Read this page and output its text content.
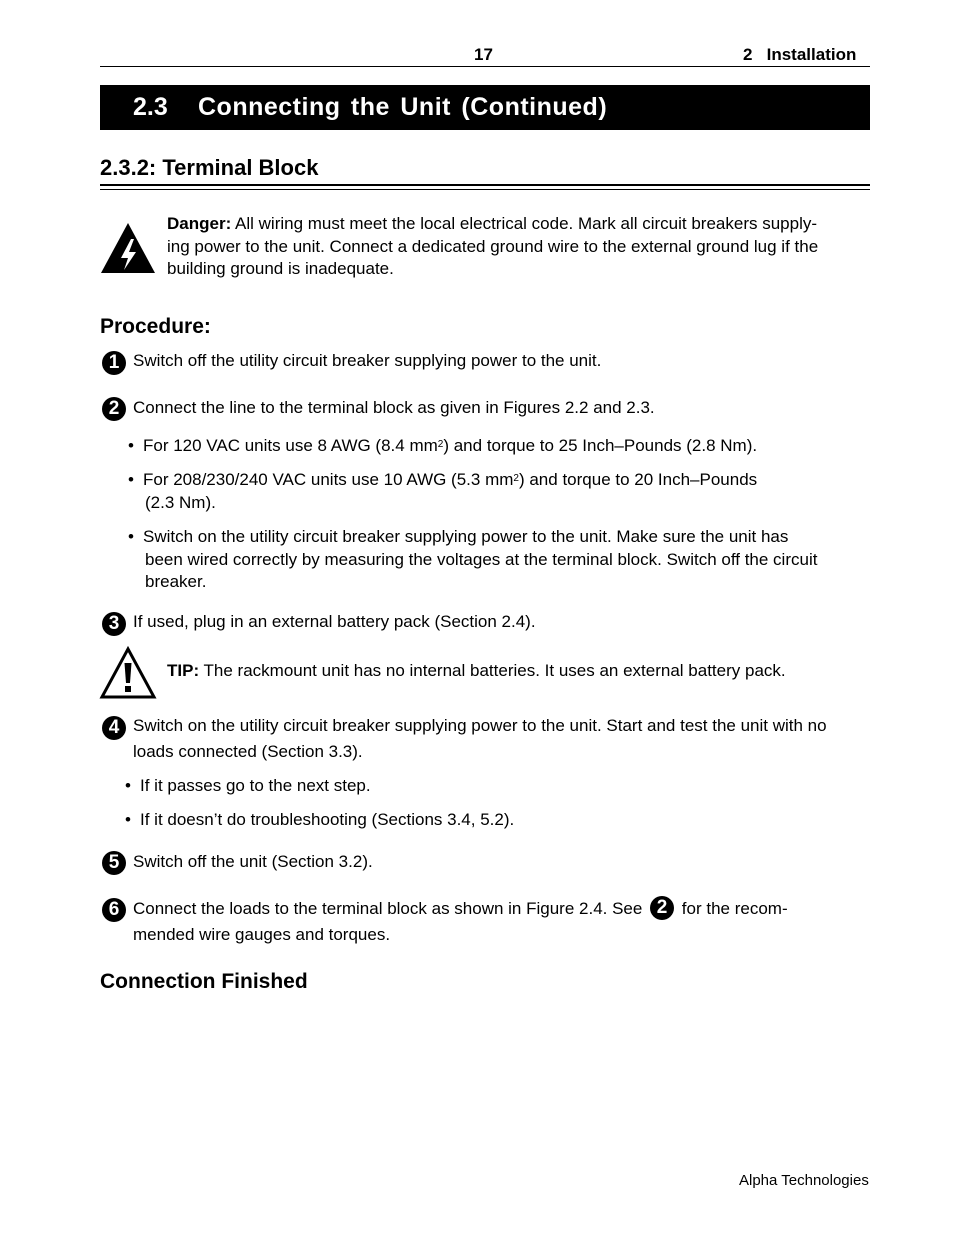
17	2   Installation
2.3 Connecting the Unit (Continued)
2.3.2: Terminal Block
Danger: All wiring must meet the local electrical code. Mark all circuit breakers supply-
ing power to the unit. Connect a dedicated ground wire to the external ground lug if the
building ground is inadequate.
Procedure:
1 Switch off the utility circuit breaker supplying power to the unit.
2 Connect the line to the terminal block as given in Figures 2.2 and 2.3.
• For 120 VAC units use 8 AWG (8.4 $mm^2$) and torque to 25 Inch–Pounds (2.8 Nm).
• For 208/230/240 VAC units use 10 AWG (5.3 $mm^2$) and torque to 20 Inch–Pounds
(2.3 Nm).
• Switch on the utility circuit breaker supplying power to the unit. Make sure the unit has
been wired correctly by measuring the voltages at the terminal block. Switch off the circuit
breaker.
3 If used, plug in an external battery pack (Section 2.4).
TIP: The rackmount unit has no internal batteries. It uses an external battery pack.
4 Switch on the utility circuit breaker supplying power to the unit. Start and test the unit with no
loads connected (Section 3.3).
• If it passes go to the next step.
• If it doesn’t do troubleshooting (Sections 3.4, 5.2).
5 Switch off the unit (Section 3.2).
6 Connect the loads to the terminal block as shown in Figure 2.4. See 2 for the recom-
mended wire gauges and torques.
Connection Finished
Alpha Technologies
